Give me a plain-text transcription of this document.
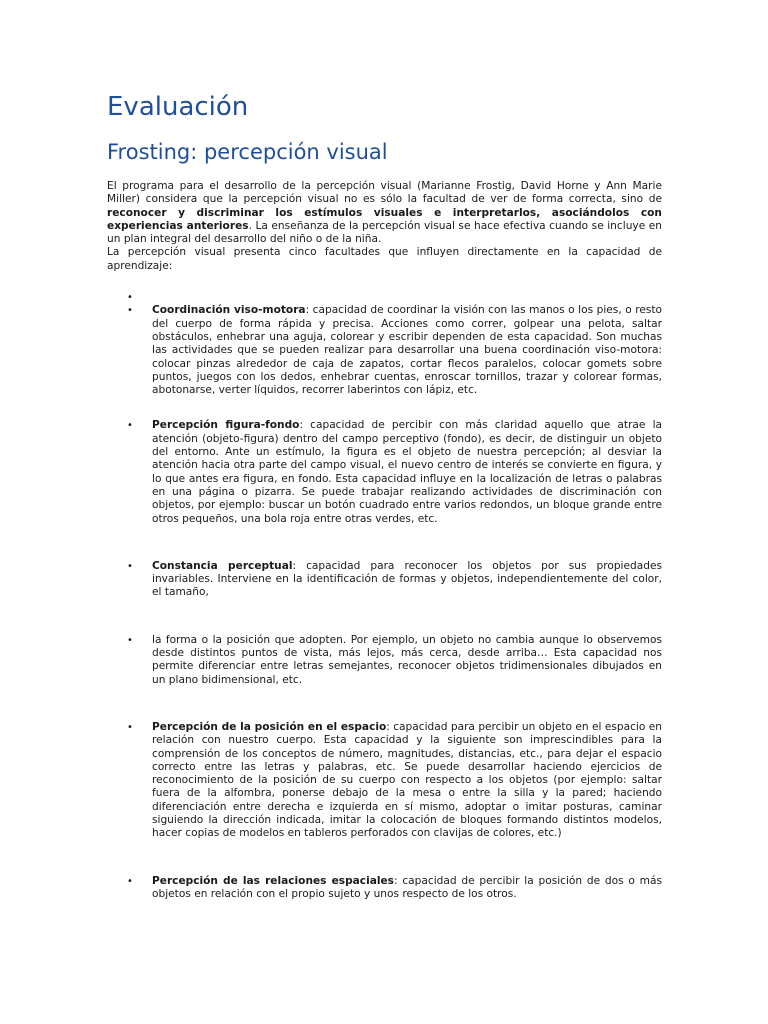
Evaluación
Frosting: percepción visual

El programa para el desarrollo de la percepción visual (Marianne Frostig, David Horne y Ann Marie Miller) considera que la percepción visual no es sólo la facultad de ver de forma correcta, sino de reconocer y discriminar los estímulos visuales e interpretarlos, asociándolos con experiencias anteriores. La enseñanza de la percepción visual se hace efectiva cuando se incluye en un plan integral del desarrollo del niño o de la niña.

La percepción visual presenta cinco facultades que influyen directamente en la capacidad de aprendizaje:

•
• Coordinación viso-motora: capacidad de coordinar la visión con las manos o los pies, o resto del cuerpo de forma rápida y precisa. Acciones como correr, golpear una pelota, saltar obstáculos, enhebrar una aguja, colorear y escribir dependen de esta capacidad. Son muchas las actividades que se pueden realizar para desarrollar una buena coordinación viso-motora: colocar pinzas alrededor de caja de zapatos, cortar flecos paralelos, colocar gomets sobre puntos, juegos con los dedos, enhebrar cuentas, enroscar tornillos, trazar y colorear formas, abotonarse, verter líquidos, recorrer laberintos con lápiz, etc.
• Percepción figura-fondo: capacidad de percibir con más claridad aquello que atrae la atención (objeto-figura) dentro del campo perceptivo (fondo), es decir, de distinguir un objeto del entorno. Ante un estímulo, la figura es el objeto de nuestra percepción; al desviar la atención hacia otra parte del campo visual, el nuevo centro de interés se convierte en figura, y lo que antes era figura, en fondo. Esta capacidad influye en la localización de letras o palabras en una página o pizarra. Se puede trabajar realizando actividades de discriminación con objetos, por ejemplo: buscar un botón cuadrado entre varios redondos, un bloque grande entre otros pequeños, una bola roja entre otras verdes, etc.
• Constancia perceptual: capacidad para reconocer los objetos por sus propiedades invariables. Interviene en la identificación de formas y objetos, independientemente del color, el tamaño,
• la forma o la posición que adopten. Por ejemplo, un objeto no cambia aunque lo observemos desde distintos puntos de vista, más lejos, más cerca, desde arriba… Esta capacidad nos permite diferenciar entre letras semejantes, reconocer objetos tridimensionales dibujados en un plano bidimensional, etc.
• Percepción de la posición en el espacio: capacidad para percibir un objeto en el espacio en relación con nuestro cuerpo. Esta capacidad y la siguiente son imprescindibles para la comprensión de los conceptos de número, magnitudes, distancias, etc., para dejar el espacio correcto entre las letras y palabras, etc. Se puede desarrollar haciendo ejercicios de reconocimiento de la posición de su cuerpo con respecto a los objetos (por ejemplo: saltar fuera de la alfombra, ponerse debajo de la mesa o entre la silla y la pared; haciendo diferenciación entre derecha e izquierda en sí mismo, adoptar o imitar posturas, caminar siguiendo la dirección indicada, imitar la colocación de bloques formando distintos modelos, hacer copias de modelos en tableros perforados con clavijas de colores, etc.)
• Percepción de las relaciones espaciales: capacidad de percibir la posición de dos o más objetos en relación con el propio sujeto y unos respecto de los otros.
